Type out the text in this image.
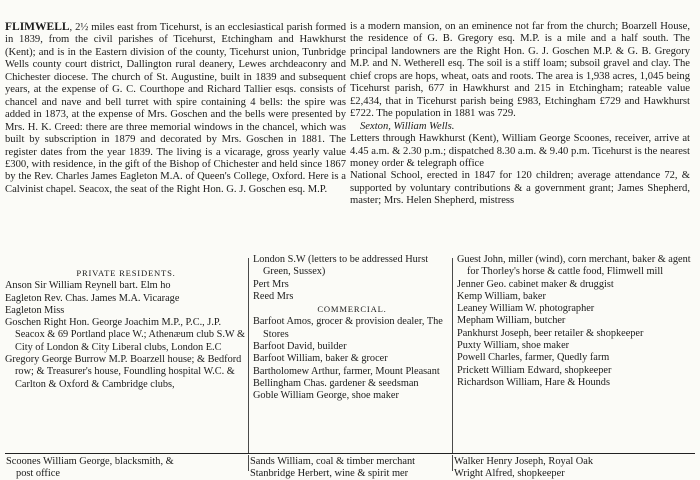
FLIMWELL, 2½ miles east from Ticehurst, is an ecclesiastical parish formed in 1839, from the civil parishes of Ticehurst, Etchingham and Hawkhurst (Kent); and is in the Eastern division of the county, Ticehurst union, Tunbridge Wells county court district, Dallington rural deanery, Lewes archdeaconry and Chichester diocese. The church of St. Augustine, built in 1839 and subsequent years, at the expense of G. C. Courthope and Richard Tallier esqs. consists of chancel and nave and bell turret with spire containing 4 bells: the spire was added in 1873, at the expense of Mrs. Goschen and the bells were presented by Mrs. H. K. Creed: there are three memorial windows in the chancel, which was built by subscription in 1879 and decorated by Mrs. Goschen in 1881. The register dates from the year 1839. The living is a vicarage, gross yearly value £300, with residence, in the gift of the Bishop of Chichester and held since 1867 by the Rev. Charles James Eagleton M.A. of Queen's College, Oxford. Here is a Calvinist chapel. Seacox, the seat of the Right Hon. G. J. Goschen esq. M.P.

is a modern mansion, on an eminence not far from the church; Boarzell House, the residence of G. B. Gregory esq. M.P. is a mile and a half south. The principal landowners are the Right Hon. G. J. Goschen M.P. & G. B. Gregory M.P. and N. Wetherell esq. The soil is a stiff loam; subsoil gravel and clay. The chief crops are hops, wheat, oats and roots. The area is 1,938 acres, 1,045 being Ticehurst parish, 677 in Hawkhurst and 215 in Etchingham; rateable value £2,434, that in Ticehurst parish being £983, Etchingham £729 and Hawkhurst £722. The population in 1881 was 729.

Sexton, William Wells.

Letters through Hawkhurst (Kent), William George Scoones, receiver, arrive at 4.45 a.m. & 2.30 p.m.; dispatched 8.30 a.m. & 9.40 p.m. Ticehurst is the nearest money order & telegraph office

National School, erected in 1847 for 120 children; average attendance 72, & supported by voluntary contributions & a government grant; James Shepherd, master; Mrs. Helen Shepherd, mistress

PRIVATE RESIDENTS.

Anson Sir William Reynell bart. Elm ho

Eagleton Rev. Chas. James M.A. Vicarage

Eagleton Miss

Goschen Right Hon. George Joachim M.P., P.C., J.P. Seacox & 69 Portland place W.; Athenæum club S.W & City of London & City Liberal clubs, London E.C

Gregory George Burrow M.P. Boarzell house; & Bedford row; & Treasurer's house, Foundling hospital W.C. & Carlton & Oxford & Cambridge clubs,

London S.W (letters to be addressed Hurst Green, Sussex)

Pert Mrs

Reed Mrs

COMMERCIAL.

Barfoot Amos, grocer & provision dealer, The Stores

Barfoot David, builder

Barfoot William, baker & grocer

Bartholomew Arthur, farmer, Mount Pleasant

Bellingham Chas. gardener & seedsman

Goble William George, shoe maker

Guest John, miller (wind), corn merchant, baker & agent for Thorley's horse & cattle food, Flimwell mill

Jenner Geo. cabinet maker & druggist

Kemp William, baker

Leaney William W. photographer

Mepham William, butcher

Pankhurst Joseph, beer retailer & shopkeeper

Puxty William, shoe maker

Powell Charles, farmer, Quedly farm

Prickett William Edward, shopkeeper

Richardson William, Hare & Hounds

Scoones William George, blacksmith, &
post office
Sands William, coal & timber merchant
Stanbridge Herbert, wine & spirit mer
Walker Henry Joseph, Royal Oak
Wright Alfred, shopkeeper
